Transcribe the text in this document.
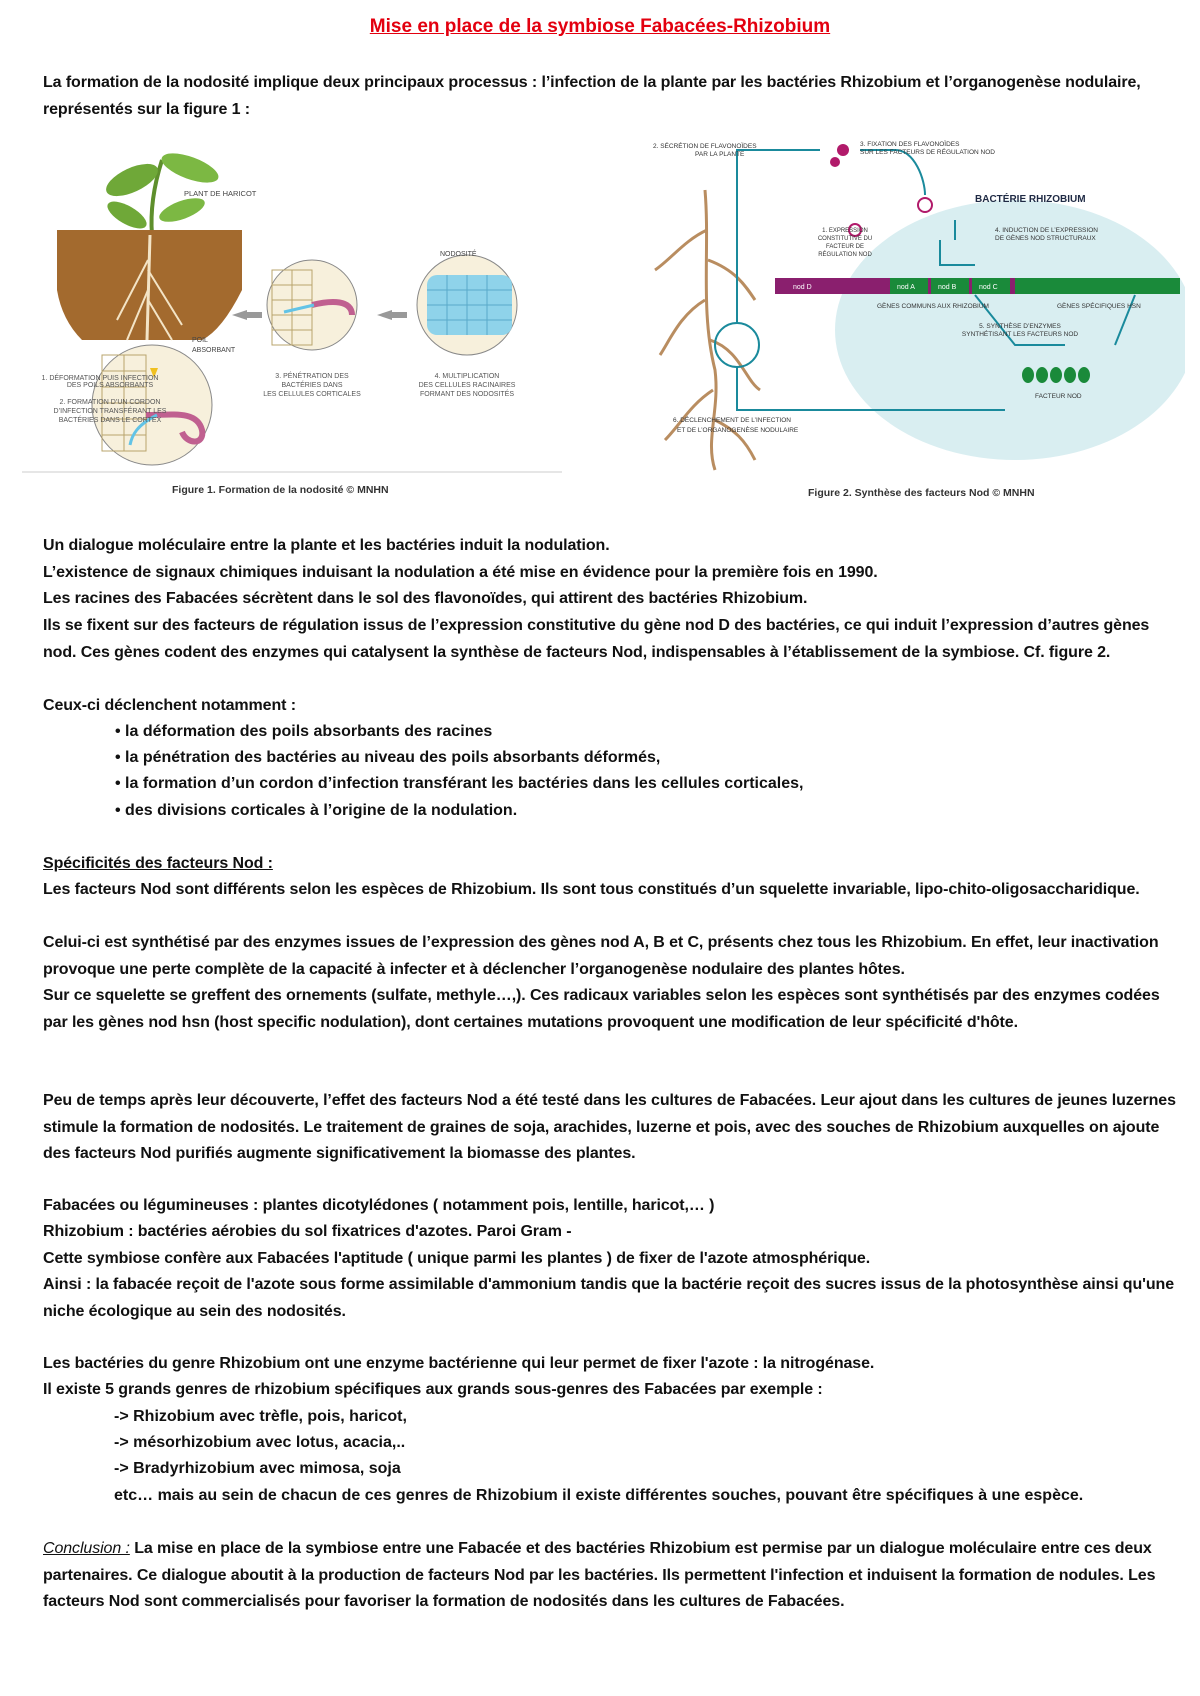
Mise en place de la symbiose Fabacées-Rhizobium
La formation de la nodosité implique deux principaux processus : l’infection de la plante par les bactéries Rhizobium et l’organogenèse nodulaire, représentés sur la figure 1 :
PLANT DE HARICOT
POIL
ABSORBANT
NODOSITÉ
1. DÉFORMATION PUIS INFECTION
DES POILS ABSORBANTS
2. FORMATION D’UN CORDON
D’INFECTION TRANSFÉRANT LES
BACTÉRIES DANS LE CORTEX
3. PÉNÉTRATION DES
BACTÉRIES DANS
LES CELLULES CORTICALES
4. MULTIPLICATION
DES CELLULES RACINAIRES
FORMANT DES NODOSITÉS
Figure 1. Formation de la nodosité © MNHN
nod D	nod A	nod B	nod C
2. SÉCRÉTION DE FLAVONOÏDES
PAR LA PLANTE
3. FIXATION DES FLAVONOÏDES
SUR LES FACTEURS DE RÉGULATION NOD
BACTÉRIE RHIZOBIUM
1. EXPRESSION
CONSTITUTIVE DU
FACTEUR DE
RÉGULATION NOD
4. INDUCTION DE L’EXPRESSION
DE GÈNES NOD STRUCTURAUX
GÈNES COMMUNS AUX RHIZOBIUM	GÈNES SPÉCIFIQUES HSN
5. SYNTHÈSE D’ENZYMES
SYNTHÉTISANT LES FACTEURS NOD
6. DÉCLENCHEMENT DE L’INFECTION
ET DE L’ORGANOGENÈSE NODULAIRE
FACTEUR NOD
Figure 2. Synthèse des facteurs Nod © MNHN
Un dialogue moléculaire entre la plante et les bactéries induit la nodulation.
L’existence de signaux chimiques induisant la nodulation a été mise en évidence pour la première fois en 1990.
Les racines des Fabacées sécrètent dans le sol des flavonoïdes, qui attirent des bactéries Rhizobium.
Ils se fixent sur des facteurs de régulation issus de l’expression constitutive du gène nod D des bactéries, ce qui induit l’expression d’autres gènes nod. Ces gènes codent des enzymes qui catalysent la synthèse de facteurs Nod, indispensables à l’établissement de la symbiose. Cf. figure 2.
Ceux-ci déclenchent notamment :
• la déformation des poils absorbants des racines
• la pénétration des bactéries au niveau des poils absorbants déformés,
• la formation d’un cordon d’infection transférant les bactéries dans les cellules corticales,
• des divisions corticales à l’origine de la nodulation.
Spécificités des facteurs Nod :
Les facteurs Nod sont différents selon les espèces de Rhizobium. Ils sont tous constitués d’un squelette invariable, lipo-chito-oligosaccharidique.
Celui-ci est synthétisé par des enzymes issues de l’expression des gènes nod A, B et C, présents chez tous les Rhizobium. En effet, leur inactivation provoque une perte complète de la capacité à infecter et à déclencher l’organogenèse nodulaire des plantes hôtes.
Sur ce squelette se greffent des ornements (sulfate, methyle…,). Ces radicaux variables selon les espèces sont synthétisés par des enzymes codées par les gènes nod hsn (host specific nodulation), dont certaines mutations provoquent une modification de leur spécificité d'hôte.
Peu de temps après leur découverte, l’effet des facteurs Nod a été testé dans les cultures de Fabacées. Leur ajout dans les cultures de jeunes luzernes stimule la formation de nodosités. Le traitement de graines de soja, arachides, luzerne et pois, avec des souches de Rhizobium auxquelles on ajoute des facteurs Nod purifiés augmente significativement la biomasse des plantes.
Fabacées ou légumineuses : plantes dicotylédones ( notamment pois, lentille, haricot,… )
Rhizobium : bactéries aérobies du sol fixatrices d'azotes. Paroi Gram -
Cette symbiose confère aux Fabacées l'aptitude ( unique parmi les plantes ) de fixer de l'azote atmosphérique.
Ainsi : la fabacée reçoit de l'azote sous forme assimilable d'ammonium tandis que la bactérie reçoit des sucres issus de la photosynthèse ainsi qu'une niche écologique au sein des nodosités.
Les bactéries du genre Rhizobium ont une enzyme bactérienne qui leur permet de fixer l'azote : la nitrogénase.
Il existe 5 grands genres de rhizobium spécifiques aux grands sous-genres des Fabacées par exemple :
-> Rhizobium avec trèfle, pois, haricot,
-> mésorhizobium avec lotus, acacia,..
-> Bradyrhizobium avec mimosa, soja
etc… mais au sein de chacun de ces genres de Rhizobium il existe différentes souches, pouvant être spécifiques à une espèce.
Conclusion : La mise en place de la symbiose entre une Fabacée et des bactéries Rhizobium est permise par un dialogue moléculaire entre ces deux partenaires. Ce dialogue aboutit à la production de facteurs Nod par les bactéries. Ils permettent l'infection et induisent la formation de nodules. Les facteurs Nod sont commercialisés pour favoriser la formation de nodosités dans les cultures de Fabacées.
